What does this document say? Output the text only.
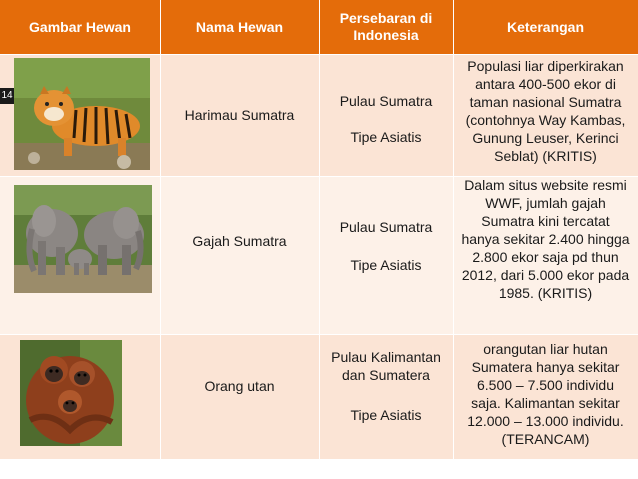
Gambar Hewan	Nama Hewan
Persebaran di Indonesia
Keterangan
14
Harimau Sumatra
Pulau Sumatra
Tipe Asiatis
Populasi liar diperkirakan antara 400-500 ekor di taman nasional Sumatra (contohnya Way Kambas, Gunung Leuser, Kerinci Seblat) (KRITIS)
Gajah Sumatra
Pulau Sumatra
Tipe Asiatis
Dalam situs website resmi WWF, jumlah gajah Sumatra kini tercatat hanya sekitar 2.400 hingga 2.800 ekor saja pd thun 2012, dari 5.000 ekor pada 1985. (KRITIS)
Orang utan
Pulau Kalimantan dan Sumatera
Tipe Asiatis
orangutan liar hutan Sumatera hanya sekitar 6.500 – 7.500 individu saja. Kalimantan sekitar 12.000 – 13.000 individu. (TERANCAM)
